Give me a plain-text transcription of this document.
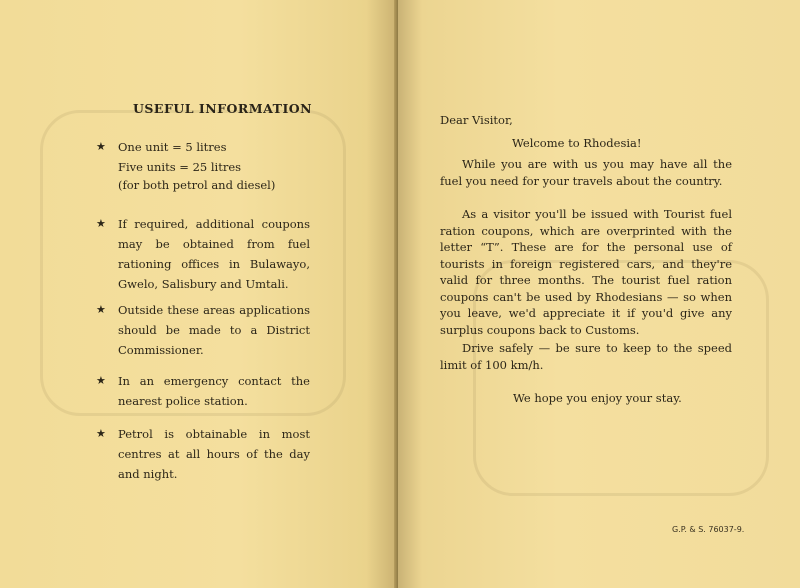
USEFUL INFORMATION
★ One unit = 5 litres
Five units = 25 litres
(for both petrol and diesel)
★ If required, additional coupons may be obtained from fuel rationing offices in Bulawayo, Gwelo, Salisbury and Umtali.
★ Outside these areas applications should be made to a District Commissioner.
★ In an emergency contact the nearest police station.
★ Petrol is obtainable in most centres at all hours of the day and night.
Dear Visitor,
Welcome to Rhodesia!
While you are with us you may have all the fuel you need for your travels about the country.
As a visitor you'll be issued with Tourist fuel ration coupons, which are overprinted with the letter “T”. These are for the personal use of tourists in foreign registered cars, and they're valid for three months. The tourist fuel ration coupons can't be used by Rhodesians — so when you leave, we'd appreciate it if you'd give any surplus coupons back to Customs.
Drive safely — be sure to keep to the speed limit of 100 km/h.
We hope you enjoy your stay.
G.P. & S. 76037-9.
